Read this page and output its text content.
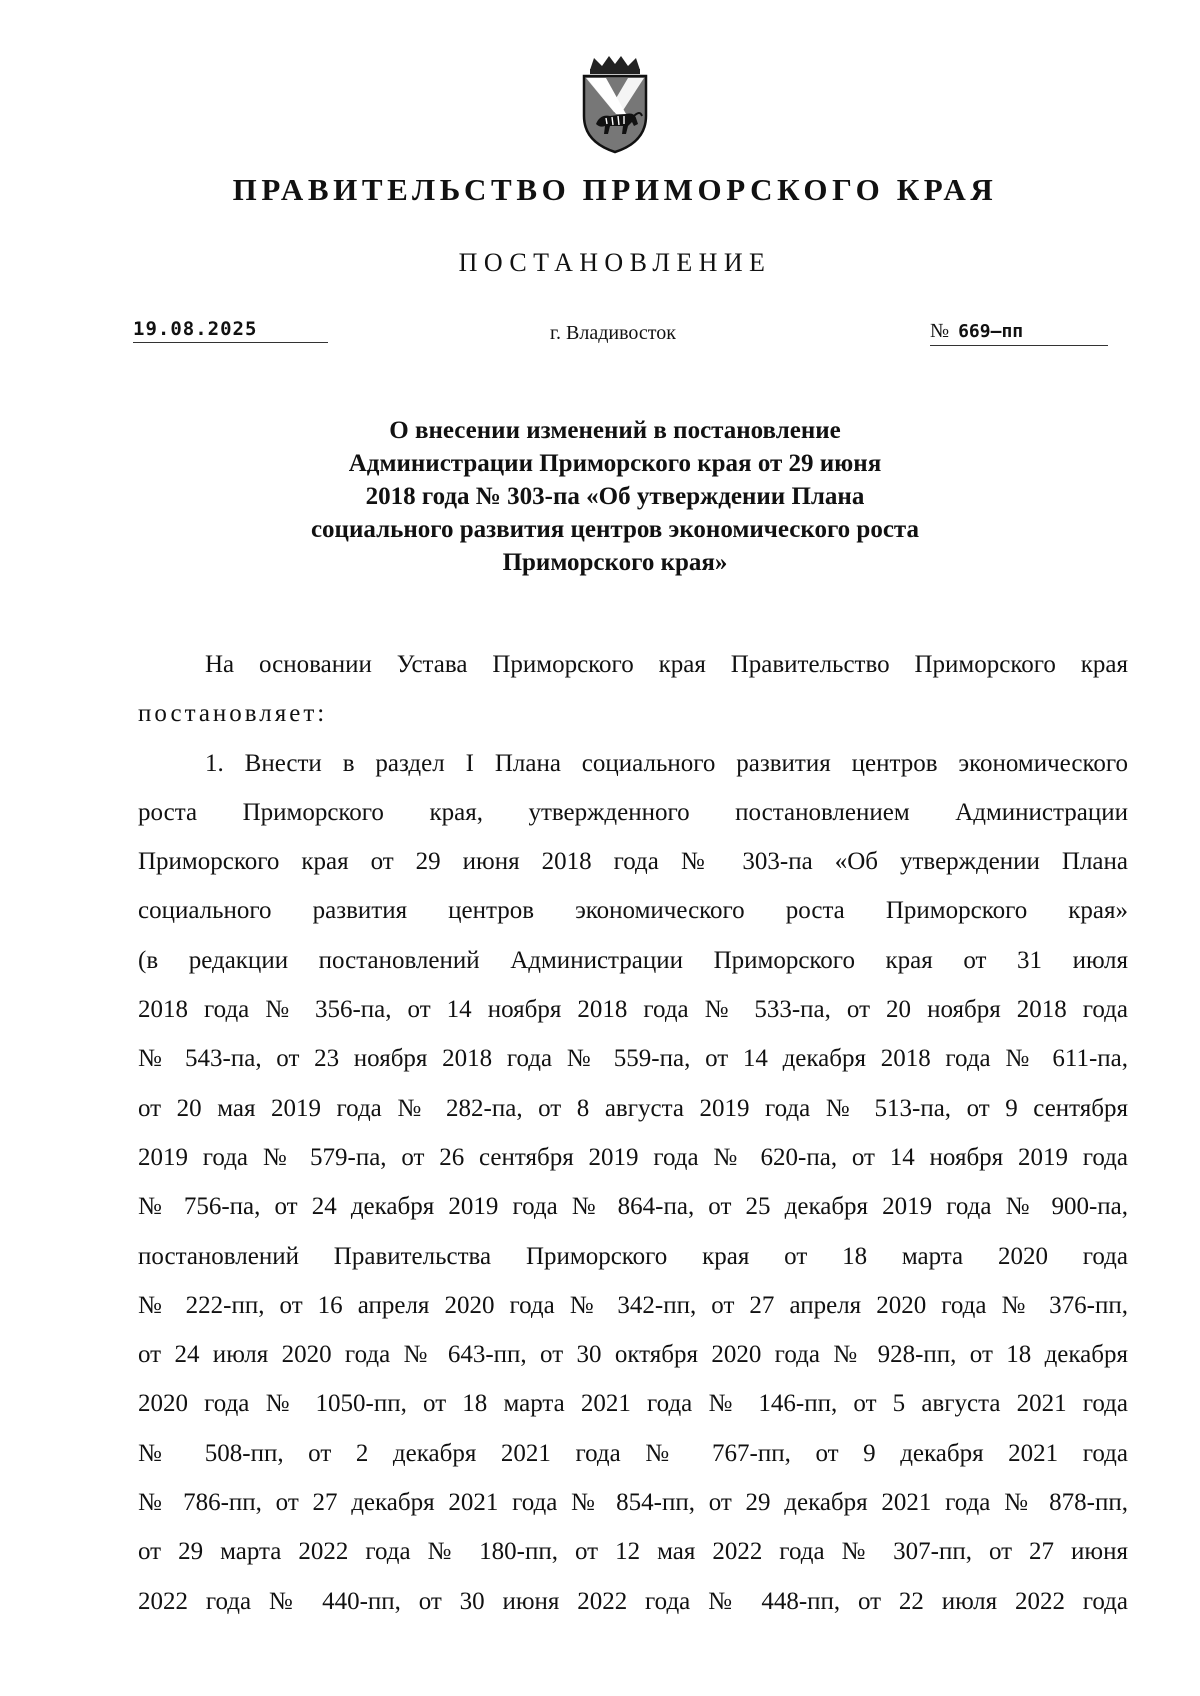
ПРАВИТЕЛЬСТВО ПРИМОРСКОГО КРАЯ
ПОСТАНОВЛЕНИЕ
19.08.2025	г. Владивосток	№ 669–пп
О внесении изменений в постановление
Администрации Приморского края от 29 июня
2018 года № 303-па «Об утверждении Плана
социального развития центров экономического роста
Приморского края»
На основании Устава Приморского края Правительство Приморского края
постановляет:
1. Внести в раздел I Плана социального развития центров экономического
роста Приморского края, утвержденного постановлением Администрации
Приморского края от 29 июня 2018 года № 303-па «Об утверждении Плана
социального развития центров экономического роста Приморского края»
(в редакции постановлений Администрации Приморского края от 31 июля
2018 года № 356-па, от 14 ноября 2018 года № 533-па, от 20 ноября 2018 года
№ 543-па, от 23 ноября 2018 года № 559-па, от 14 декабря 2018 года № 611-па,
от 20 мая 2019 года № 282-па, от 8 августа 2019 года № 513-па, от 9 сентября
2019 года № 579-па, от 26 сентября 2019 года № 620-па, от 14 ноября 2019 года
№ 756-па, от 24 декабря 2019 года № 864-па, от 25 декабря 2019 года № 900-па,
постановлений Правительства Приморского края от 18 марта 2020 года
№ 222-пп, от 16 апреля 2020 года № 342-пп, от 27 апреля 2020 года № 376-пп,
от 24 июля 2020 года № 643-пп, от 30 октября 2020 года № 928-пп, от 18 декабря
2020 года № 1050-пп, от 18 марта 2021 года № 146-пп, от 5 августа 2021 года
№ 508-пп, от 2 декабря 2021 года № 767-пп, от 9 декабря 2021 года
№ 786-пп, от 27 декабря 2021 года № 854-пп, от 29 декабря 2021 года № 878-пп,
от 29 марта 2022 года № 180-пп, от 12 мая 2022 года № 307-пп, от 27 июня
2022 года № 440-пп, от 30 июня 2022 года № 448-пп, от 22 июля 2022 года
